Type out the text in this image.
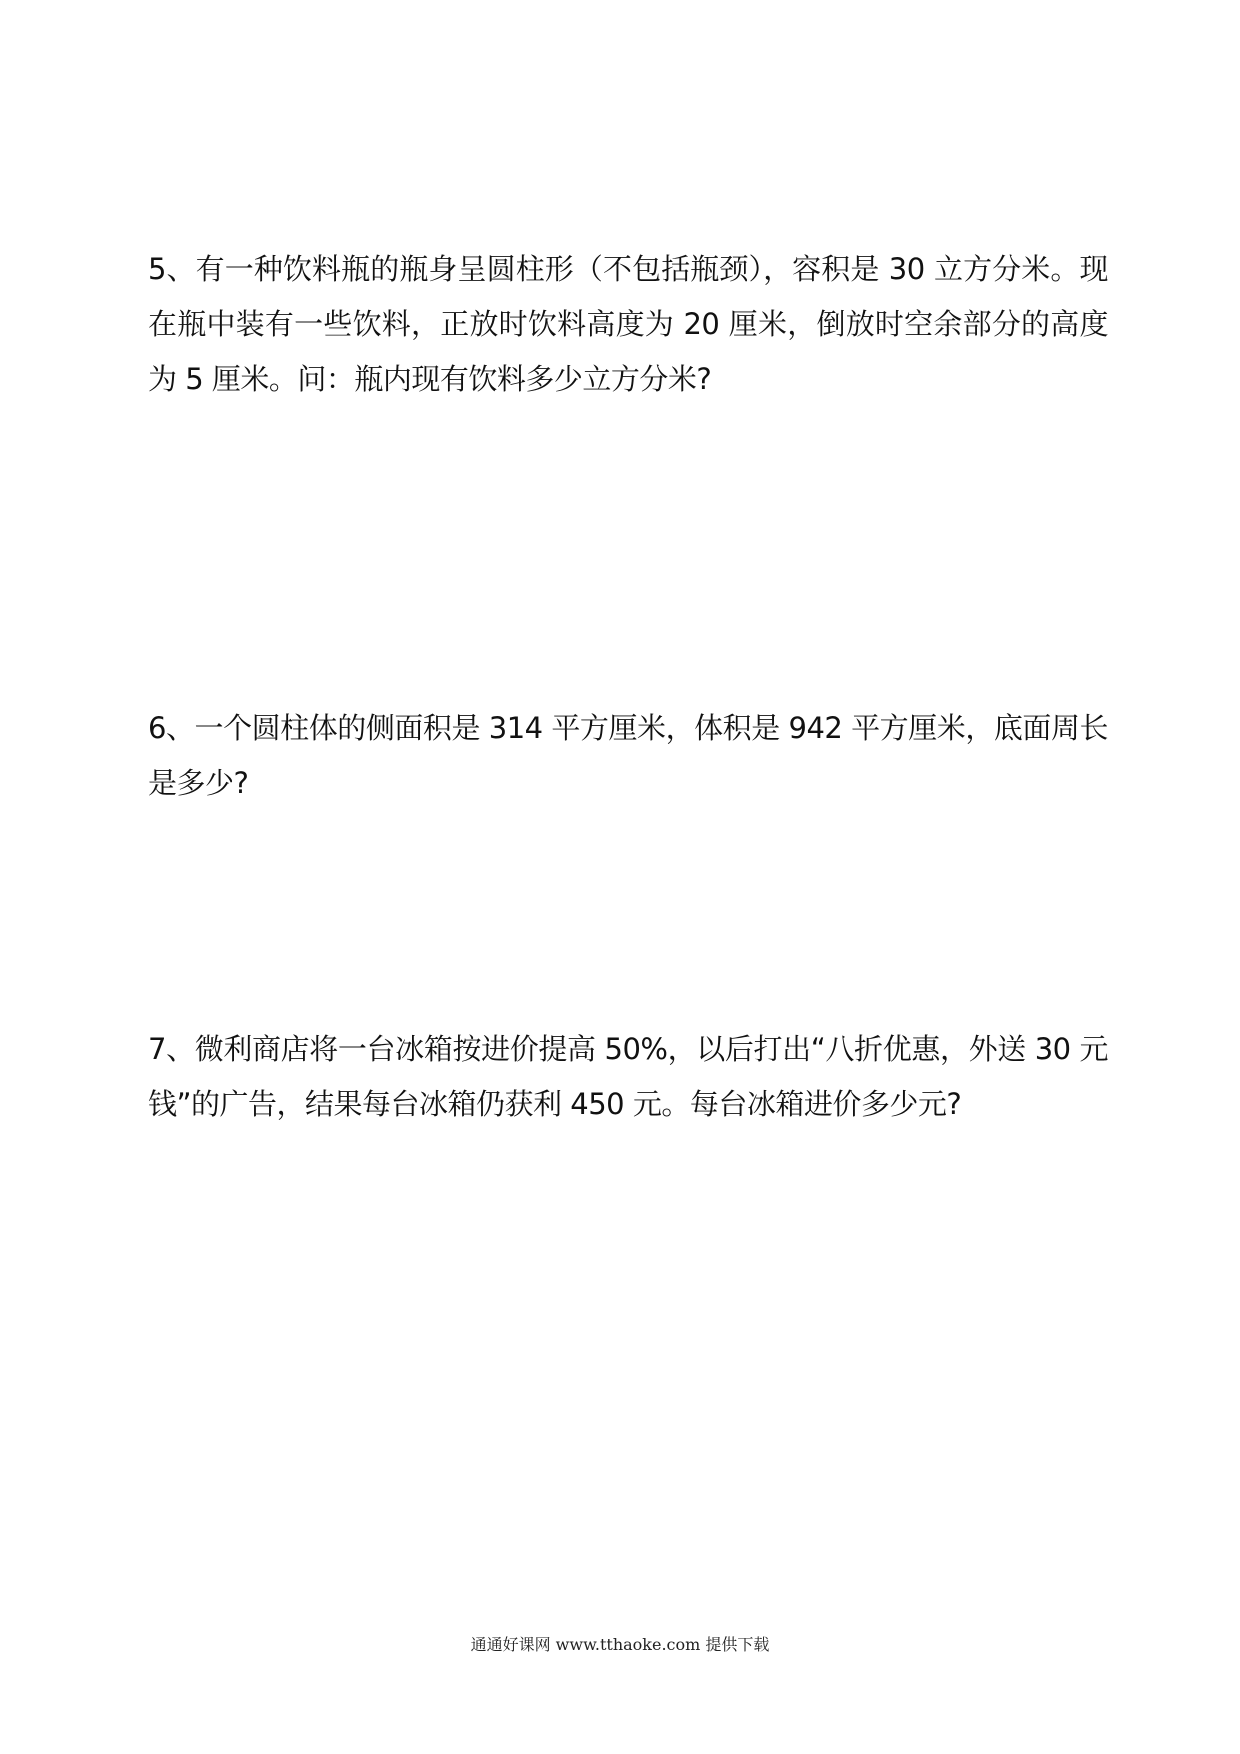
5、有一种饮料瓶的瓶身呈圆柱形（不包括瓶颈），容积是 30 立方分米。现在瓶中装有一些饮料，正放时饮料高度为 20 厘米，倒放时空余部分的高度为 5 厘米。问：瓶内现有饮料多少立方分米?

6、一个圆柱体的侧面积是 314 平方厘米，体积是 942 平方厘米，底面周长是多少?

7、微利商店将一台冰箱按进价提高 50%，以后打出“八折优惠，外送 30 元钱”的广告，结果每台冰箱仍获利 450 元。每台冰箱进价多少元?

通通好课网 www.tthaoke.com 提供下载
